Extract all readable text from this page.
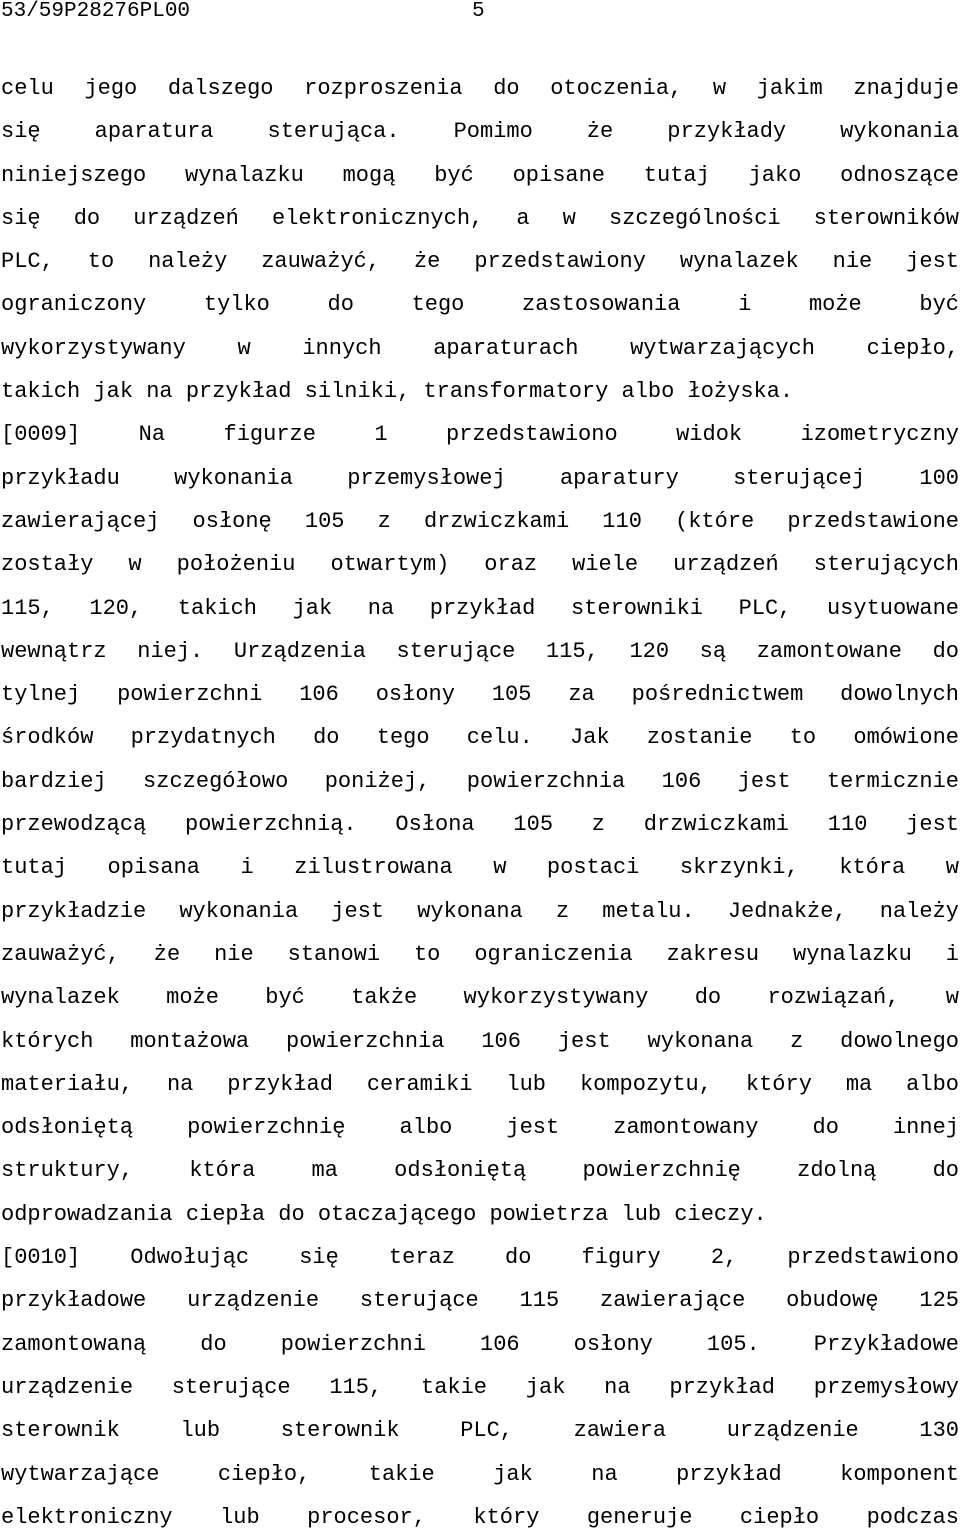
53/59P28276PL00	5
celu jego dalszego rozproszenia do otoczenia, w jakim znajduje
się aparatura sterująca. Pomimo że przykłady wykonania
niniejszego wynalazku mogą być opisane tutaj jako odnoszące
się do urządzeń elektronicznych, a w szczególności sterowników
PLC, to należy zauważyć, że przedstawiony wynalazek nie jest
ograniczony tylko do tego zastosowania i może być
wykorzystywany w innych aparaturach wytwarzających ciepło,
takich jak na przykład silniki, transformatory albo łożyska.
[0009] Na figurze 1 przedstawiono widok izometryczny
przykładu wykonania przemysłowej aparatury sterującej 100
zawierającej osłonę 105 z drzwiczkami 110 (które przedstawione
zostały w położeniu otwartym) oraz wiele urządzeń sterujących
115, 120, takich jak na przykład sterowniki PLC, usytuowane
wewnątrz niej. Urządzenia sterujące 115, 120 są zamontowane do
tylnej powierzchni 106 osłony 105 za pośrednictwem dowolnych
środków przydatnych do tego celu. Jak zostanie to omówione
bardziej szczegółowo poniżej, powierzchnia 106 jest termicznie
przewodzącą powierzchnią. Osłona 105 z drzwiczkami 110 jest
tutaj opisana i zilustrowana w postaci skrzynki, która w
przykładzie wykonania jest wykonana z metalu. Jednakże, należy
zauważyć, że nie stanowi to ograniczenia zakresu wynalazku i
wynalazek może być także wykorzystywany do rozwiązań, w
których montażowa powierzchnia 106 jest wykonana z dowolnego
materiału, na przykład ceramiki lub kompozytu, który ma albo
odsłoniętą powierzchnię albo jest zamontowany do innej
struktury, która ma odsłoniętą powierzchnię zdolną do
odprowadzania ciepła do otaczającego powietrza lub cieczy.
[0010] Odwołując się teraz do figury 2, przedstawiono
przykładowe urządzenie sterujące 115 zawierające obudowę 125
zamontowaną do powierzchni 106 osłony 105. Przykładowe
urządzenie sterujące 115, takie jak na przykład przemysłowy
sterownik lub sterownik PLC, zawiera urządzenie 130
wytwarzające ciepło, takie jak na przykład komponent
elektroniczny lub procesor, który generuje ciepło podczas
